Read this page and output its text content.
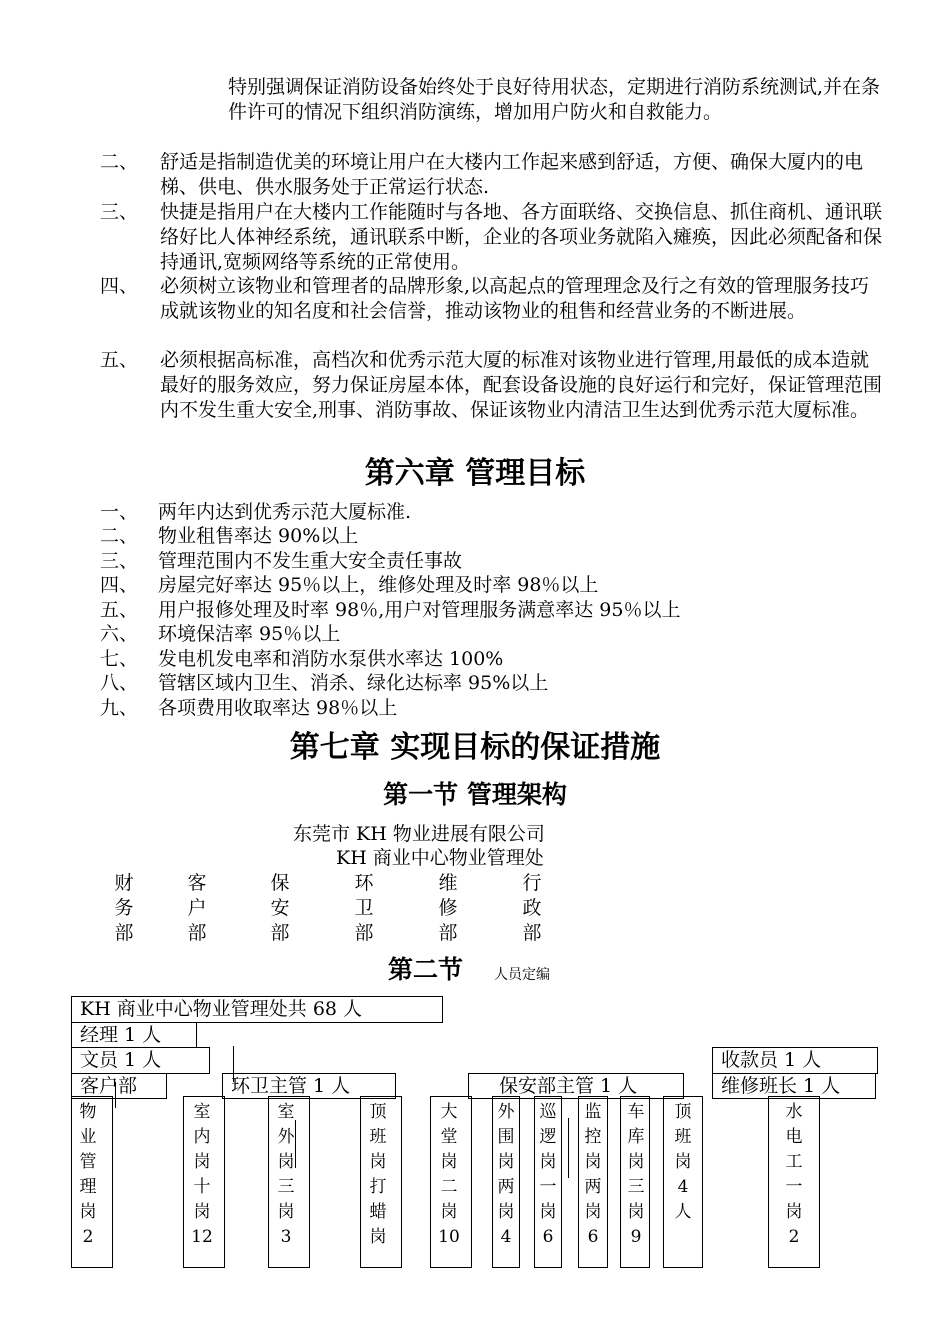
特别强调保证消防设备始终处于良好待用状态，定期进行消防系统测试,并在条件许可的情况下组织消防演练，增加用户防火和自救能力。
二、 舒适是指制造优美的环境让用户在大楼内工作起来感到舒适，方便、确保大厦内的电梯、供电、供水服务处于正常运行状态.
三、 快捷是指用户在大楼内工作能随时与各地、各方面联络、交换信息、抓住商机、通讯联络好比人体神经系统，通讯联系中断，企业的各项业务就陷入瘫痪，因此必须配备和保持通讯,宽频网络等系统的正常使用。
四、 必须树立该物业和管理者的品牌形象,以高起点的管理理念及行之有效的管理服务技巧成就该物业的知名度和社会信誉，推动该物业的租售和经营业务的不断进展。
五、 必须根据高标准，高档次和优秀示范大厦的标准对该物业进行管理,用最低的成本造就最好的服务效应，努力保证房屋本体，配套设备设施的良好运行和完好，保证管理范围内不发生重大安全,刑事、消防事故、保证该物业内清洁卫生达到优秀示范大厦标准。
第六章 管理目标
一、 两年内达到优秀示范大厦标准.
二、 物业租售率达 90%以上
三、 管理范围内不发生重大安全责任事故
四、 房屋完好率达 95％以上，维修处理及时率 98％以上
五、 用户报修处理及时率 98％,用户对管理服务满意率达 95％以上
六、 环境保洁率 95％以上
七、 发电机发电率和消防水泵供水率达 100%
八、 管辖区域内卫生、消杀、绿化达标率 95%以上
九、 各项费用收取率达 98％以上
第七章 实现目标的保证措施
第一节 管理架构
东莞市 KH 物业进展有限公司
KH 商业中心物业管理处
财务部
客户部
保安部
环卫部
维修部
行政部
第二节 人员定编
KH 商业中心物业管理处共 68 人
经理 1 人
文员 1 人
客户部	环卫主管 1 人	保安部主管 1 人
收款员 1 人
维修班长 1 人
物业管理岗2
室内岗十岗12
室外岗三岗3
顶班岗打蜡岗
大堂岗二岗10
外围岗两岗4
巡逻岗一岗6
监控岗两岗6
车库岗三岗9
顶班岗4人
水电工一岗2
